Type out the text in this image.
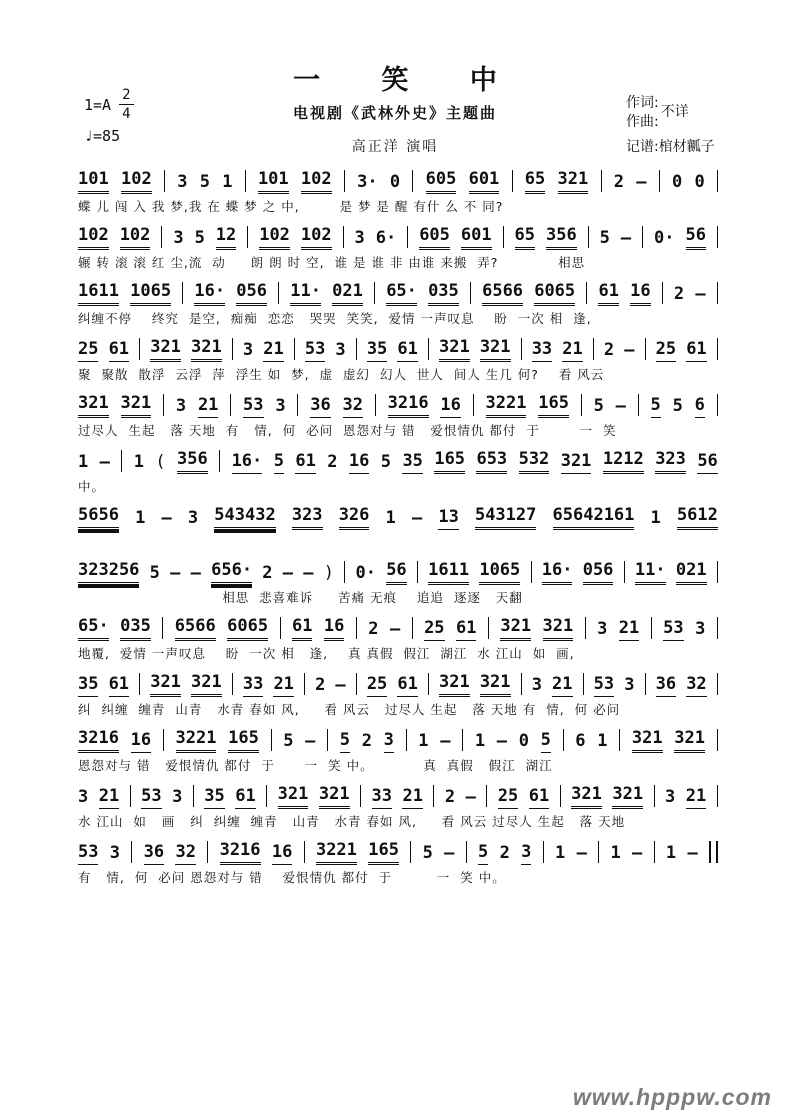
一 笑 中
电视剧《武林外史》主题曲
高正洋 演唱
$1=A \frac{2}{4}$
♩=85
作词:
作曲:
不详
记谱:棺材瓤子
101 102 3 5 1 101 102 3· 0 605 601 65 321 2 — 0 0
蝶 儿 闯 入 我 梦,我 在 蝶 梦 之 中,        是 梦 是 醒 有什 么 不 同?
102 102 3 5 12 102 102 3 6· 605 601 65 356 5 — 0· 56
辗 转 滚 滚 红 尘,流  动     朗 朗 时 空,  谁 是 谁 非 由谁 来搬  弄?            相思
1611 1065 16· 056 11· 021 65· 035 6566 6065 61 16 2 —
纠缠不停    终究  是空,  痴痴  恋恋   哭哭  笑笑,  爱情 一声叹息    盼  一次 相  逢,
25 61 321 321 3 21 53 3 35 61 321 321 33 21 2 — 25 61
聚  聚散  散浮  云浮  萍  浮生 如  梦,  虚  虚幻  幻人  世人  间人 生几 何?    看 风云
321 321 3 21 53 3 36 32 3216 16 3221 165 5 — 5 5 6
过尽人  生起   落 天地  有   情,  何  必问  恩怨对与 错   爱恨情仇 都付  于        一  笑
1 — 1 ( 356 16· 5 61 2 16 5 35 165 653 532 321 1212 323 56
中。
5656 1 — 3 543432 323 326 1 — 13 543127 65642161 1 5612
323256 5 — — 656· 2 — — ) 0· 56 1611 1065 16· 056 11· 021
相思  悲喜难诉     苦痛 无痕    追追  逐逐   天翻
65· 035 6566 6065 61 16 2 — 25 61 321 321 3 21 53 3
地覆,  爱情 一声叹息    盼  一次 相   逢,    真 真假  假江  湖江  水 江山  如  画,
35 61 321 321 33 21 2 — 25 61 321 321 3 21 53 3 36 32
纠  纠缠  缠青  山青   水青 春如 风,     看 风云   过尽人 生起   落 天地 有  情,  何 必问
3216 16 3221 165 5 — 5 2 3 1 — 1 — 0 5 6 1 321 321
恩怨对与 错   爱恨情仇 都付  于      一  笑 中。          真  真假   假江  湖江
3 21 53 3 35 61 321 321 33 21 2 — 25 61 321 321 3 21
水 江山  如   画   纠  纠缠  缠青   山青   水青 春如 风,     看 风云 过尽人 生起   落 天地
53 3 36 32 3216 16 3221 165 5 — 5 2 3 1 — 1 — 1 —
有   情,  何  必问 恩怨对与 错    爱恨情仇 都付  于         一  笑 中。
www.hpppw.com
